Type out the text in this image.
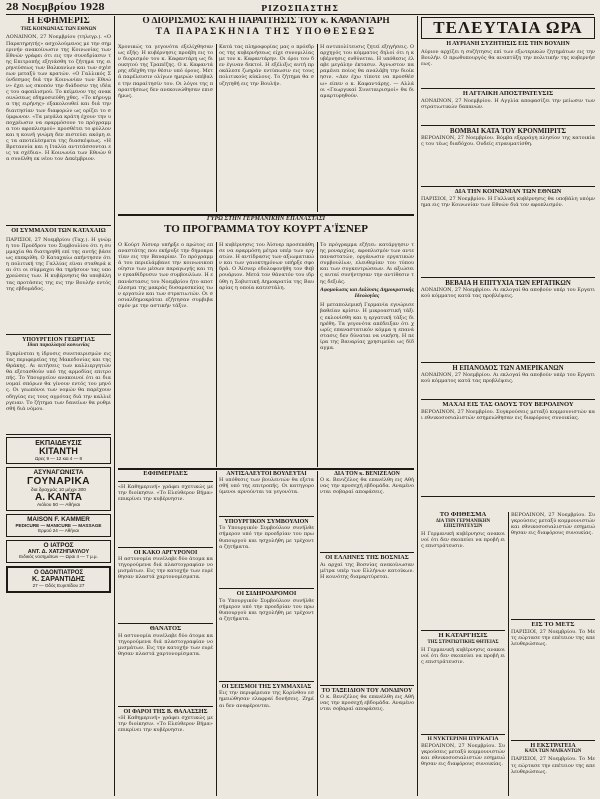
28 Νοεμβρίου 1928	ΡΙΖΟΣΠΑΣΤΗΣ

Η ΕΦΗΜΕΡΙΣ

ΤΗΣ ΚΟΙΝΩΝΙΑΣ ΤΩΝ ΕΘΝΩΝ

ΛΟΝΔΙΝΟΝ, 27 Νοεμβρίου (τηλεγρ.). «Ο Παρατηρητής» ασχολούμενος με την σημερινήν ανακοίνωσιν της Κοινωνίας των Εθνών γράφει ότι εις την συνεδρίασιν της Επιτροπής εξητάσθη το ζήτημα της ειρηνεύσεως των Βαλκανίων και των σχέσεων μεταξύ των κρατών. «Ο Γαλλικός Σύνδεσμος διά την Κοινωνίαν των Εθνών» έχει ως σκοπόν την διάδοσιν της ιδέας του αφοπλισμού. Το κείμενον της ανακοινώσεως εδημοσιεύθη χθες. «Το κήρυγμα της ειρήνης» εξακολουθεί και διά την διαιτησίαν των διαφορών ως ορίζει το σύμφωνον. «Τα μεγάλα κράτη έχουν την υποχρέωσιν να εφαρμόσουν το πρόγραμμα του αφοπλισμού» προσθέτει το φύλλον και η κοινή γνώμη δεν πιστεύει ακόμη εις τα αποτελέσματα της διασκέψεως. «Η Βρεταννία και η Ιταλία αντιτάσσονται εις τα σχέδια». Η Κοινωνία των Εθνών θα συνέλθη εκ νέου τον Δεκέμβριον.

ΟΙ ΣΥΜΜΑΧΟΙ ΤΩΝ ΚΑΤΑΧΑΙΩ

ΠΑΡΙΣΙΟΙ, 27 Νοεμβρίου (Ταχ.). Η γνώμη του Προέδρου του Συμβουλίου ότι η συμμαχία θα διατηρηθή επί της αυτής βάσεως επεκρίθη. Ο Καταχαίω απήντησεν ότι η πολιτική της Γαλλίας είναι σταθερά και ότι οι σύμμαχοι θα τηρήσουν τας υποχρεώσεις των. Η κυβέρνησις θα υποβάλη τας προτάσεις της εις την Βουλήν εντός της εβδομάδος.

ΥΠΟΥΡΓΕΙΟΝ ΓΕΩΡΓΙΑΣ

Ιδιαι παραλλαγαί κοινωνίας

Εγκρίνεται η ίδρυσις συνεταιρισμών εις τας περιφερείας της Μακεδονίας και της Θράκης. Αι αιτήσεις των καλλιεργητών θα εξετασθούν υπό της αρμοδίας επιτροπής. Το Υπουργείον ανακοινοί ότι αι διανομαί σπόρων θα γίνουν εντός του μηνός. Οι γεωπόνοι των νομών θα παρέχουν οδηγίας εις τους αγρότας διά την καλλιέργειαν. Το ζήτημα των δανείων θα ρυθμισθή διά νόμου.

ΕΚΠΑΙΔΕΥΣΙΣ

ΚΙΤΑΝΤΗ

Ωρες 9 — 12 και 4 — 8

ΑΣΥΝΑΓΩΝΙΣΤΑ

ΓΟΥΝΑΡΙΚΑ

δια δραχμάς 10 μέχρι 300

Α. ΚΑΝΤΑ

Αιόλου 50 — Αθήναι

MAISON F. KAMMER

PEDICURE — MANICURE — MASSAGE

Ερμού 24 — Αθήναι

Ο ΙΑΤΡΟΣ

ΑΝΤ. Δ. ΧΑΤΖΗΠΑΥΛΟΥ

Ειδικός νοσημάτων — Ωραι 4 — 7 μ.μ.

Ο ΟΔΟΝΤΙΑΤΡΟΣ

Κ. ΣΑΡΑΝΤΙΔΗΣ

27 — Οδός Ευριπίδου 27

Ο ΔΙΟΡΙΣΜΟΣ ΚΑΙ Η ΠΑΡΑΙΤΗΣΙΣ ΤΟΥ κ. ΚΑΦΑΝΤΑΡΗ

ΤΑ ΠΑΡΑΣΚΗΝΙΑ ΤΗΣ ΥΠΟΘΕΣΕΩΣ

Χρονικώς τα γεγονότα εξελίχθησαν ως εξής: Η κυβέρνησις προέβη εις τον διορισμόν του κ. Καφαντάρη ως διοικητού της Τραπέζης. Ο κ. Καφαντάρης εδέχθη την θέσιν υπό όρους. Μετά παρέλευσιν ολίγων ημερών υπέβαλε την παραίτησίν του. Οι λόγοι της παραιτήσεως δεν ανεκοινώθησαν επισήμως.

Κατά τας πληροφορίας μας ο πρόεδρος της κυβερνήσεως είχε συνομιλίας με τον κ. Καφαντάρην. Οι όροι του δεν έγιναν δεκτοί. Η εξέλιξις αυτή προκάλεσε ζωηράν εντύπωσιν εις τους πολιτικούς κύκλους. Το ζήτημα θα συζητηθή εις την Βουλήν.

Η αντιπολίτευσις ζητεί εξηγήσεις. Ο αρχηγός του κόμματος δηλοί ότι η κυβέρνησις ευθύνεται. Η υπόθεσις έλαβε μεγάλην έκτασιν. Άγνωστον παραμένει ποίος θα αναλάβη την διοίκησιν. «Δεν έχω τίποτε να προσθέσω» είπεν ο κ. Καφαντάρης. — Αλλά οι «Γεωργικαί Συνεταιρισμοί» θα διαμαρτυρηθούν.

ΓΥΡΩ ΣΤΗΝ ΓΕΡΜΑΝΙΚΗΝ ΕΠΑΝΑΣΤΑΣΙ

ΤΟ ΠΡΟΓΡΑΜΜΑ ΤΟΥ ΚΟΥΡΤ Α'ΪΣΝΕΡ

Ο Κούρτ Άϊσνερ υπήρξε ο πρώτος επαναστάτης που εκήρυξε την δημοκρατίαν εις την Βαυαρίαν. Το πρόγραμμά του περιελάμβανε την κοινωνικοποίησιν των μέσων παραγωγής και την εγκαθίδρυσιν των συμβουλίων. Η επανάστασις του Νοεμβρίου ήτο αποτέλεσμα της μακράς δυσαρεσκείας των εργατών και των στρατιωτών. Οι σοσιαλδημοκράται εζήτησαν συμβιβασμόν με την αστικήν τάξιν.

Η κυβέρνησις του Άϊσνερ προσεπάθησε να εφαρμόση μέτρα υπέρ των εργατών. Η αντίδρασις των αξιωματικών και των γαιοκτημόνων υπήρξε σφοδρά. Ο Άϊσνερ εδολοφονήθη τον Φεβρουάριον. Μετά τον θάνατόν του ιδρύθη η Σοβιετική Δημοκρατία της Βαυαρίας η οποία κατεστάλη.

Το πρόγραμμα εζήτει: κατάργησιν της μοναρχίας, αφοπλισμόν των αντεπαναστατών, οργάνωσιν εργατικών συμβουλίων, ελευθερίαν του τύπου και των συγκεντρώσεων. Αι αξιώσεις αυταί συνήντησαν την αντίθεσιν της δεξιάς.

Αφομοίωσις και Διάλυσις Δημοκρατικής Ιδεολογίας

Η μεταπολεμική Γερμανία εγνώρισε βαθείαν κρίσιν. Η μικροαστική τάξις εκλονίσθη και η εργατική τάξις διηρέθη. Τα γεγονότα απέδειξαν ότι χωρίς επαναστατικόν κόμμα η επανάστασις δεν δύναται να νικήση. Η πείρα της Βαυαρίας χρησιμεύει ως δίδαγμα.

ΕΦΗΜΕΡΙΔΕΣ

«Η Καθημερινή» γράφει σχετικώς με την διοίκησιν. «Το Ελεύθερον Βήμα» επικρίνει την κυβέρνησιν.

ΟΙ ΚΑΚΟ ΑΡΓΥΡΟΝΟΙ

Η αστυνομία συνέλαβε δύο άτομα κατηγορούμενα διά πλαστογραφίαν νομισμάτων. Εις την κατοχήν των ευρέθησαν πλαστά χαρτονομίσματα.

ΘΑΝΑΤΟΣ

Η αστυνομία συνέλαβε δύο άτομα κατηγορούμενα διά πλαστογραφίαν νομισμάτων. Εις την κατοχήν των ευρέθησαν πλαστά χαρτονομίσματα.

ΟΙ ΦΑΡΟΙ ΤΗΣ Β. ΘΑΛΑΣΣΗΣ

«Η Καθημερινή» γράφει σχετικώς με την διοίκησιν. «Το Ελεύθερον Βήμα» επικρίνει την κυβέρνησιν.

ΑΝΤΙΣΑΛΕΥΤΟΙ ΒΟΥΛΕΥΤΑΙ

Η υπόθεσις των βουλευτών θα εξετασθή υπό της επιτροπής. Οι κατηγορούμενοι αρνούνται τα γεγονότα.

ΥΠΟΥΡΓΙΚΟΝ ΣΥΜΒΟΥΛΙΟΝ

Το Υπουργικόν Συμβούλιον συνήλθε σήμερον υπό την προεδρίαν του πρωθυπουργού και ησχολήθη με τρέχοντα ζητήματα.

ΟΙ ΣΙΔΗΡΟΔΡΟΜΟΙ

Το Υπουργικόν Συμβούλιον συνήλθε σήμερον υπό την προεδρίαν του πρωθυπουργού και ησχολήθη με τρέχοντα ζητήματα.

ΟΙ ΣΕΙΣΜΟΙ ΤΗΣ ΣΥΜΜΑΧΙΑΣ

Εις την περιφέρειαν της Κορίνθου εσημειώθησαν ελαφραί δονήσεις. Ζημίαι δεν αναφέρονται.

ΔΙΑ ΤΟΝ κ. ΒΕΝΙΖΕΛΟΝ

Ο κ. Βενιζέλος θα επανέλθη εις Αθήνας την προσεχή εβδομάδα. Αναμένονται σοβαραί αποφάσεις.

ΟΙ ΕΛΛΗΝΕΣ ΤΗΣ ΒΟΣΝΙΑΣ

Αι αρχαί της Βοσνίας ανεκοίνωσαν μέτρα υπέρ των Ελλήνων κατοίκων. Η κοινότης διαμαρτύρεται.

ΤΟ ΤΑΞΕΙΔΙΟΝ ΤΟΥ ΛΟΝΔΙΝΟΥ

Ο κ. Βενιζέλος θα επανέλθη εις Αθήνας την προσεχή εβδομάδα. Αναμένονται σοβαραί αποφάσεις.

ΤΕΛΕΥΤΑΙΑ ΩΡΑ

Η ΑΥΡΙΑΝΗ ΣΥΖΗΤΗΣΙΣ ΕΙΣ ΤΗΝ ΒΟΥΛΗΝ

Αύριον αρχίζει η συζήτησις επί των εξωτερικών ζητημάτων εις την Βουλήν. Ο πρωθυπουργός θα αναπτύξη την πολιτικήν της κυβερνήσεως.

Η ΑΓΓΛΙΚΗ ΑΠΟΣΤΡΑΤΕΥΣΙΣ

ΛΟΝΔΙΝΟΝ, 27 Νοεμβρίου. Η Αγγλία αποφασίζει την μείωσιν των στρατιωτικών δαπανών.

ΒΟΜΒΑΙ ΚΑΤΑ ΤΟΥ ΚΡΟΝΜΠΡΙΤΣ

ΒΕΡΟΛΙΝΟΝ, 27 Νοεμβρίου. Βόμβα εξερράγη πλησίον της κατοικίας του τέως διαδόχου. Ουδείς ετραυματίσθη.

ΔΙΑ ΤΗΝ ΚΟΙΝΩΝΙΑΝ ΤΩΝ ΕΘΝΩΝ

ΠΑΡΙΣΙΟΙ, 27 Νοεμβρίου. Η Γαλλική κυβέρνησις θα υποβάλη υπόμνημα εις την Κοινωνίαν των Εθνών διά τον αφοπλισμόν.

ΒΕΒΑΙΑ Η ΕΠΙΤΥΧΙΑ ΤΩΝ ΕΡΓΑΤΙΚΩΝ

ΛΟΝΔΙΝΟΝ, 27 Νοεμβρίου. Αι εκλογαί θα αποβούν υπέρ του Εργατικού κόμματος κατά τας προβλέψεις.

Η ΕΠΑΝΟΔΟΣ ΤΩΝ ΑΜΕΡΙΚΑΝΩΝ

ΛΟΝΔΙΝΟΝ, 27 Νοεμβρίου. Αι εκλογαί θα αποβούν υπέρ του Εργατικού κόμματος κατά τας προβλέψεις.

ΜΑΧΑΙ ΕΙΣ ΤΑΣ ΟΔΟΥΣ ΤΟΥ ΒΕΡΟΛΙΝΟΥ

ΒΕΡΟΛΙΝΟΝ, 27 Νοεμβρίου. Συγκρούσεις μεταξύ κομμουνιστών και εθνικοσοσιαλιστών εσημειώθησαν εις διαφόρους συνοικίας.

ΤΟ ΦΗΘΕΣΜΑ

ΔΙΑ ΤΗΝ ΓΕΡΜΑΝΙΚΗΝ ΕΠΙΣΤΡΑΤΕΥΣΙΝ

Η Γερμανική κυβέρνησις ανακοινοί ότι δεν σκοπεύει να προβή εις επιστράτευσιν.

Η ΚΑΤΑΡΓΗΣΙΣ

ΤΗΣ ΣΤΡΑΤΙΩΤΙΚΗΣ ΘΗΤΕΙΑΣ

Η Γερμανική κυβέρνησις ανακοινοί ότι δεν σκοπεύει να προβή εις επιστράτευσιν.

Η ΝΥΚΤΕΡΙΝΗ ΠΥΡΚΑΓΙΑ

ΒΕΡΟΛΙΝΟΝ, 27 Νοεμβρίου. Συγκρούσεις μεταξύ κομμουνιστών και εθνικοσοσιαλιστών εσημειώθησαν εις διαφόρους συνοικίας.

ΒΕΡΟΛΙΝΟΝ, 27 Νοεμβρίου. Συγκρούσεις μεταξύ κομμουνιστών και εθνικοσοσιαλιστών εσημειώθησαν εις διαφόρους συνοικίας.

ΕΙΣ ΤΟ ΜΕΤΣ

ΠΑΡΙΣΙΟΙ, 27 Νοεμβρίου. Το Μετς εώρτασε την επέτειον της απελευθερώσεως.

Η ΕΚΣΤΡΑΤΕΙΑ

ΚΑΤΑ ΤΩΝ ΜΑΙΚΑΝΤΩΝ

ΠΑΡΙΣΙΟΙ, 27 Νοεμβρίου. Το Μετς εώρτασε την επέτειον της απελευθερώσεως.
